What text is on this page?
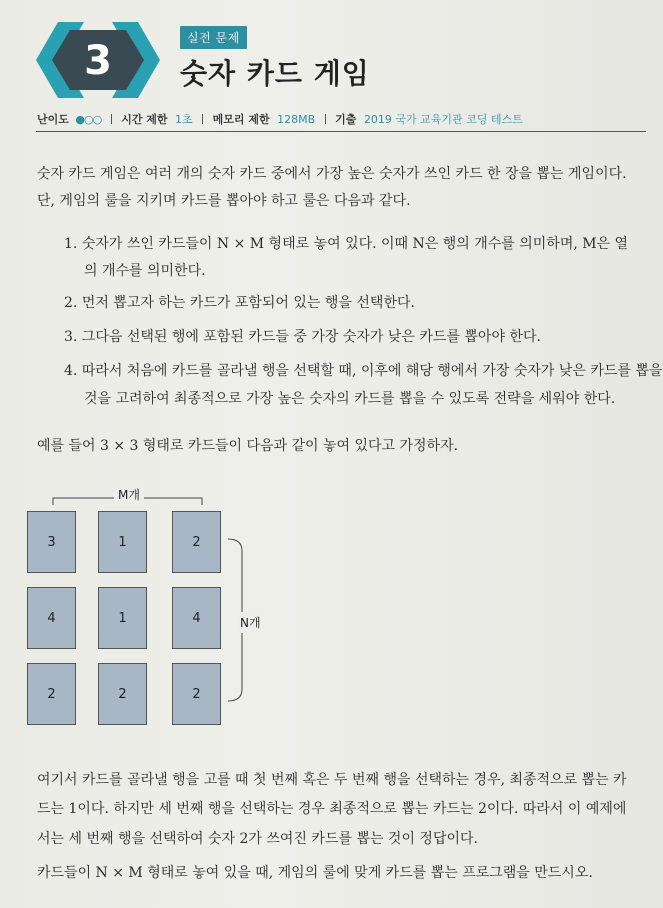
3	실전 문제
숫자 카드 게임
난이도 ●○○ 시간 제한 1초 메모리 제한 128MB 기출 2019 국가 교육기관 코딩 테스트
숫자 카드 게임은 여러 개의 숫자 카드 중에서 가장 높은 숫자가 쓰인 카드 한 장을 뽑는 게임이다.
단, 게임의 룰을 지키며 카드를 뽑아야 하고 룰은 다음과 같다.
1. 숫자가 쓰인 카드들이 N × M 형태로 놓여 있다. 이때 N은 행의 개수를 의미하며, M은 열
의 개수를 의미한다.
2. 먼저 뽑고자 하는 카드가 포함되어 있는 행을 선택한다.
3. 그다음 선택된 행에 포함된 카드들 중 가장 숫자가 낮은 카드를 뽑아야 한다.
4. 따라서 처음에 카드를 골라낼 행을 선택할 때, 이후에 해당 행에서 가장 숫자가 낮은 카드를 뽑을
것을 고려하여 최종적으로 가장 높은 숫자의 카드를 뽑을 수 있도록 전략을 세워야 한다.
예를 들어 3 × 3 형태로 카드들이 다음과 같이 놓여 있다고 가정하자.
M개
3	1	2
4	1	4
2	2	2
N개
여기서 카드를 골라낼 행을 고를 때 첫 번째 혹은 두 번째 행을 선택하는 경우, 최종적으로 뽑는 카
드는 1이다. 하지만 세 번째 행을 선택하는 경우 최종적으로 뽑는 카드는 2이다. 따라서 이 예제에
서는 세 번째 행을 선택하여 숫자 2가 쓰여진 카드를 뽑는 것이 정답이다.
카드들이 N × M 형태로 놓여 있을 때, 게임의 룰에 맞게 카드를 뽑는 프로그램을 만드시오.
